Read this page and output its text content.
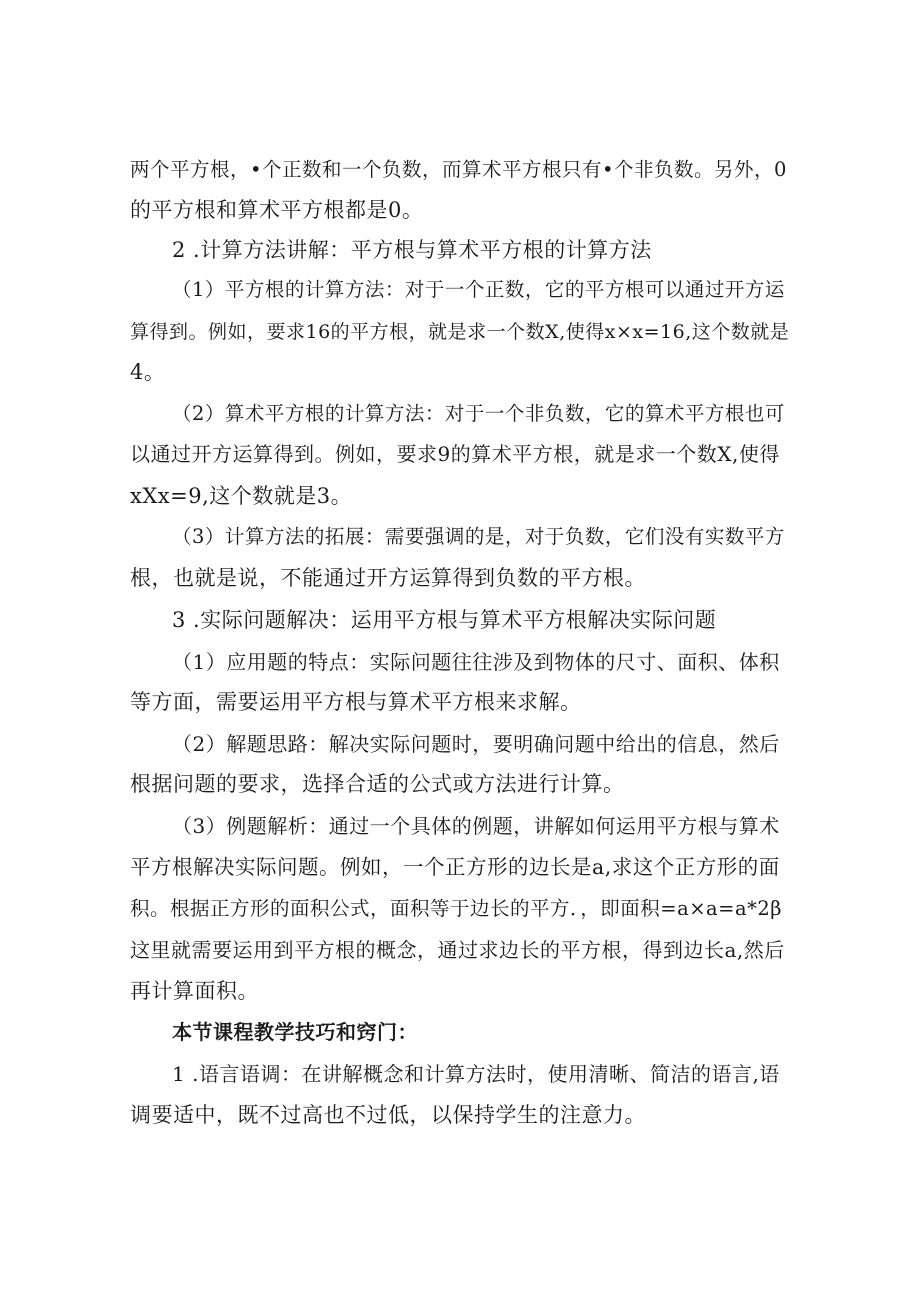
两个平方根，•个正数和一个负数，而算术平方根只有•个非负数。另外，0
的平方根和算术平方根都是0。
2 .计算方法讲解：平方根与算术平方根的计算方法
（1）平方根的计算方法：对于一个正数，它的平方根可以通过开方运
算得到。例如，要求16的平方根，就是求一个数X,使得x×x=16,这个数就是
4。
（2）算术平方根的计算方法：对于一个非负数，它的算术平方根也可
以通过开方运算得到。例如，要求9的算术平方根，就是求一个数X,使得
xXx=9,这个数就是3。
（3）计算方法的拓展：需要强调的是，对于负数，它们没有实数平方
根，也就是说，不能通过开方运算得到负数的平方根。
3 .实际问题解决：运用平方根与算术平方根解决实际问题
（1）应用题的特点：实际问题往往涉及到物体的尺寸、面积、体积
等方面，需要运用平方根与算术平方根来求解。
（2）解题思路：解决实际问题时，要明确问题中给出的信息，然后
根据问题的要求，选择合适的公式或方法进行计算。
（3）例题解析：通过一个具体的例题，讲解如何运用平方根与算术
平方根解决实际问题。例如，一个正方形的边长是a,求这个正方形的面
积。根据正方形的面积公式，面积等于边长的平方．，即面积=a×a=a*2β
这里就需要运用到平方根的概念，通过求边长的平方根，得到边长a,然后
再计算面积。
本节课程教学技巧和窍门：
1 .语言语调：在讲解概念和计算方法时，使用清晰、简洁的语言,语
调要适中，既不过高也不过低，以保持学生的注意力。
